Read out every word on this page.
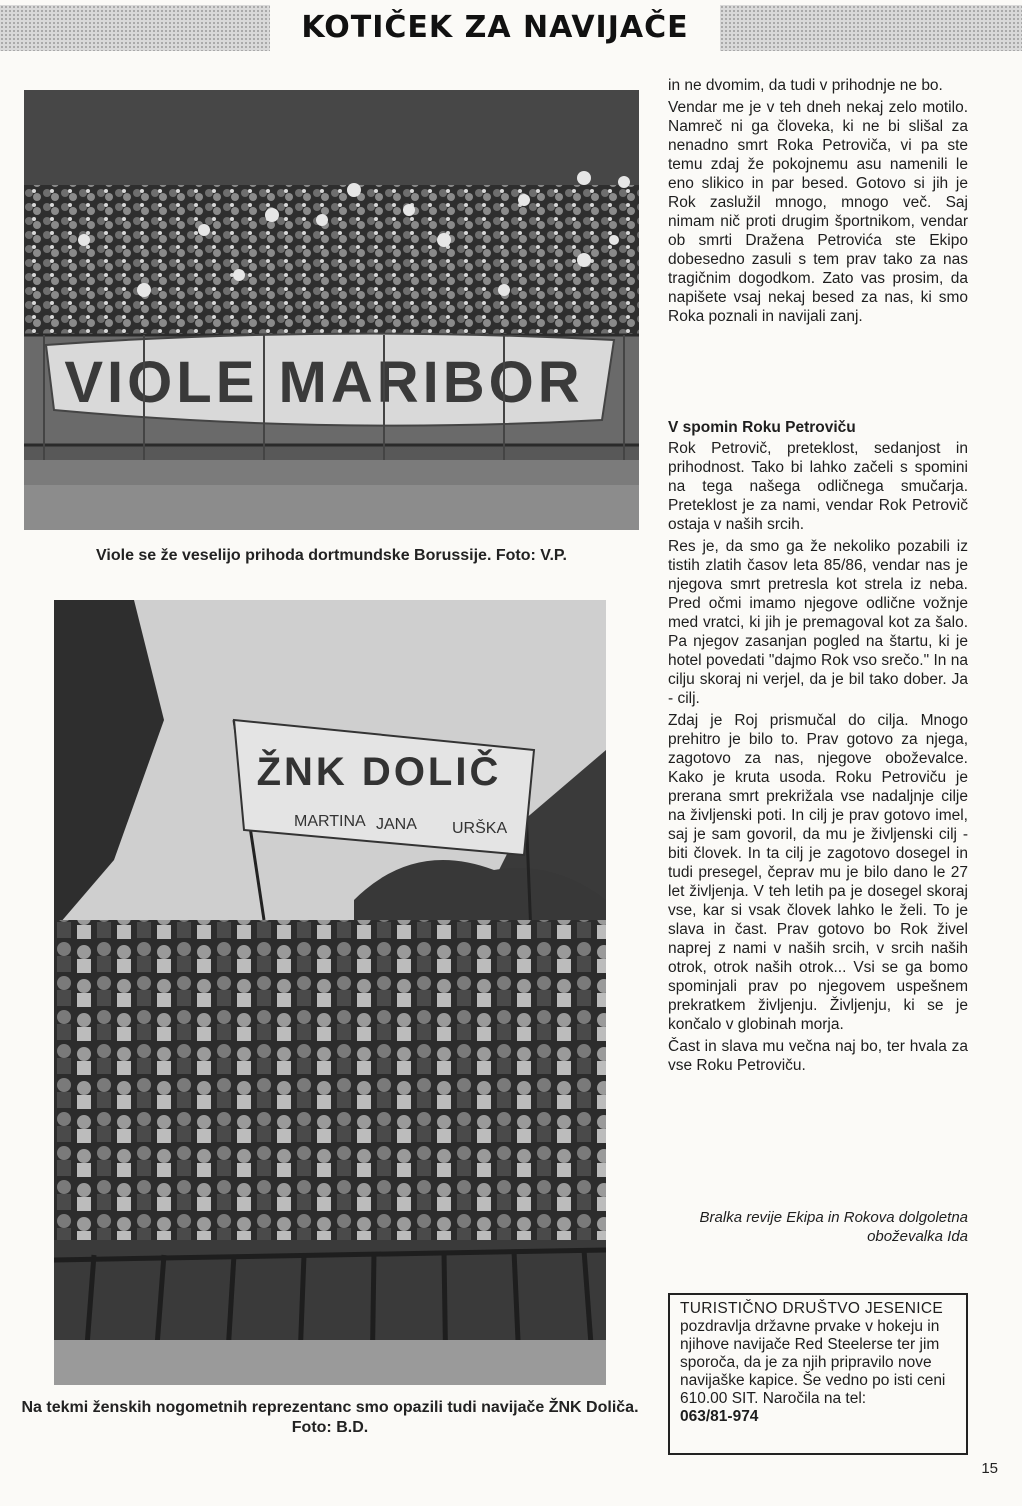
KOTIČEK ZA NAVIJAČE
VIOLE MARIBOR
Viole se že veselijo prihoda dortmundske Borussije. Foto: V.P.
ŽNK DOLIČ
MARTINA JANA URŠKA
Na tekmi ženskih nogometnih reprezentanc smo opazili tudi navijače ŽNK Doliča. Foto: B.D.

in ne dvomim, da tudi v prihodnje ne bo.

Vendar me je v teh dneh nekaj zelo motilo. Namreč ni ga človeka, ki ne bi slišal za nenadno smrt Roka Petroviča, vi pa ste temu zdaj že pokojnemu asu namenili le eno slikico in par besed. Gotovo si jih je Rok zaslužil mnogo, mnogo več. Saj nimam nič proti drugim športnikom, vendar ob smrti Dražena Petrovića ste Ekipo dobesedno zasuli s tem prav tako za nas tragičnim dogodkom. Zato vas prosim, da napišete vsaj nekaj besed za nas, ki smo Roka poznali in navijali zanj.

V spomin Roku Petroviču

Rok Petrovič, preteklost, sedanjost in prihodnost. Tako bi lahko začeli s spomini na tega našega odličnega smučarja. Preteklost je za nami, vendar Rok Petrovič ostaja v naših srcih.

Res je, da smo ga že nekoliko pozabili iz tistih zlatih časov leta 85/86, vendar nas je njegova smrt pretresla kot strela iz neba. Pred očmi imamo njegove odlične vožnje med vratci, ki jih je premagoval kot za šalo. Pa njegov zasanjan pogled na štartu, ki je hotel povedati "dajmo Rok vso srečo." In na cilju skoraj ni verjel, da je bil tako dober. Ja - cilj.

Zdaj je Roj prismučal do cilja. Mnogo prehitro je bilo to. Prav gotovo za njega, zagotovo za nas, njegove oboževalce. Kako je kruta usoda. Roku Petroviču je prerana smrt prekrižala vse nadaljnje cilje na življenski poti. In cilj je prav gotovo imel, saj je sam govoril, da mu je življenski cilj - biti človek. In ta cilj je zagotovo dosegel in tudi presegel, čeprav mu je bilo dano le 27 let življenja. V teh letih pa je dosegel skoraj vse, kar si vsak človek lahko le želi. To je slava in čast. Prav gotovo bo Rok živel naprej z nami v naših srcih, v srcih naših otrok, otrok naših otrok... Vsi se ga bomo spominjali prav po njegovem uspešnem prekratkem življenju. Življenju, ki se je končalo v globinah morja.

Čast in slava mu večna naj bo, ter hvala za vse Roku Petroviču.

Bralka revije Ekipa in Rokova dolgoletna oboževalka Ida
TURISTIČNO DRUŠTVO JESENICE
pozdravlja državne prvake v hokeju in njihove navijače Red Steelerse ter jim sporoča, da je za njih pripravilo nove navijaške kapice. Še vedno po isti ceni 610.00 SIT. Naročila na tel:
063/81-974
15
